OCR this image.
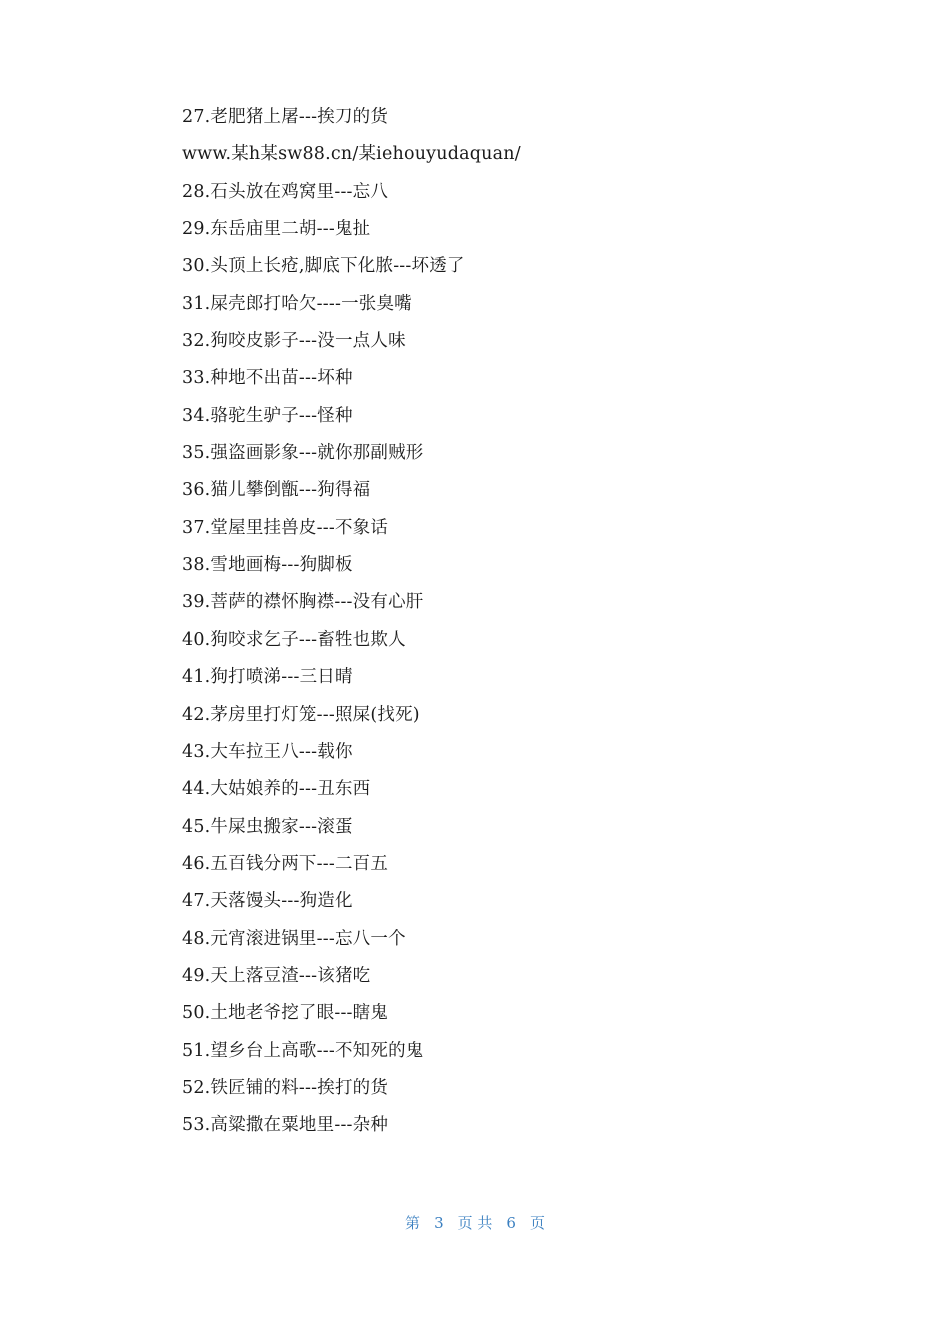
27.老肥猪上屠---挨刀的货
www.某h某sw88.cn/某iehouyudaquan/
28.石头放在鸡窝里---忘八
29.东岳庙里二胡---鬼扯
30.头顶上长疮,脚底下化脓---坏透了
31.屎壳郎打哈欠----一张臭嘴
32.狗咬皮影子---没一点人味
33.种地不出苗---坏种
34.骆驼生驴子---怪种
35.强盗画影象---就你那副贼形
36.猫儿攀倒甑---狗得福
37.堂屋里挂兽皮---不象话
38.雪地画梅---狗脚板
39.菩萨的襟怀胸襟---没有心肝
40.狗咬求乞子---畜牲也欺人
41.狗打喷涕---三日晴
42.茅房里打灯笼---照屎(找死)
43.大车拉王八---载你
44.大姑娘养的---丑东西
45.牛屎虫搬家---滚蛋
46.五百钱分两下---二百五
47.天落馒头---狗造化
48.元宵滚进锅里---忘八一个
49.天上落豆渣---该猪吃
50.土地老爷挖了眼---瞎鬼
51.望乡台上高歌---不知死的鬼
52.铁匠铺的料---挨打的货
53.高粱撒在粟地里---杂种
第 3 页 共 6 页
